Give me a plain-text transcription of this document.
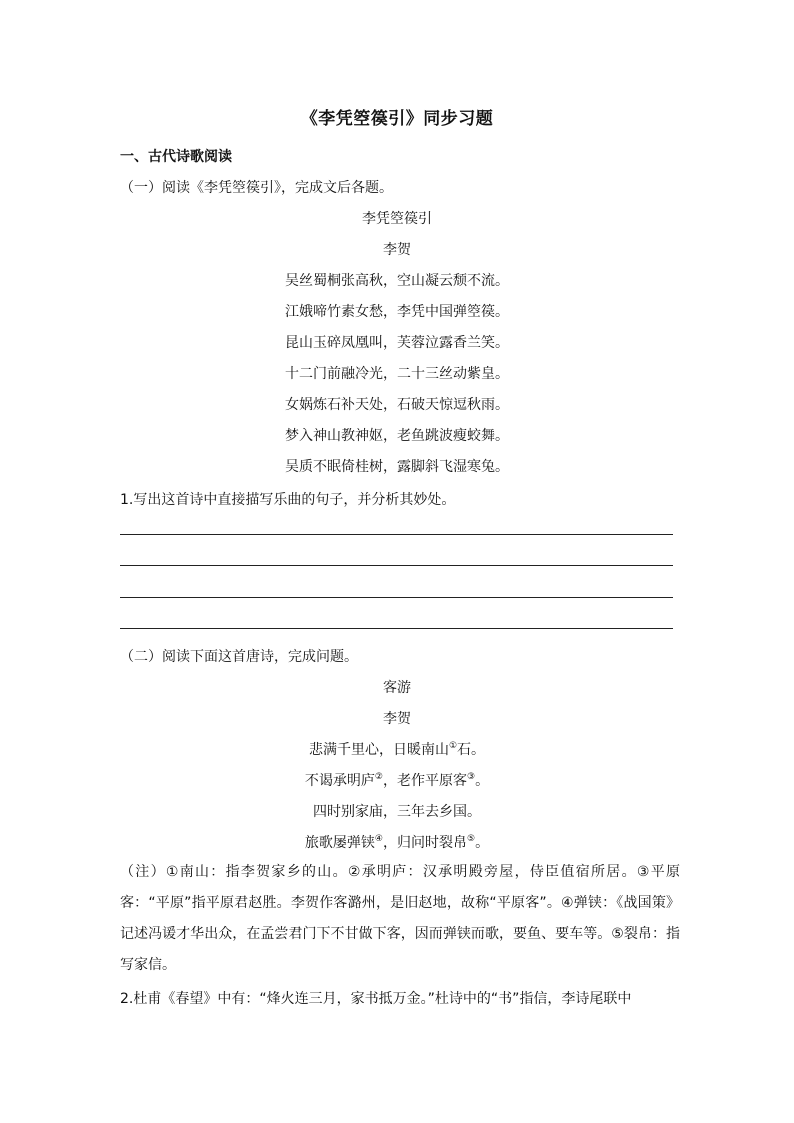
《李凭箜篌引》同步习题
一、古代诗歌阅读
（一）阅读《李凭箜篌引》，完成文后各题。
李凭箜篌引
李贺
吴丝蜀桐张高秋，空山凝云颓不流。
江娥啼竹素女愁，李凭中国弹箜篌。
昆山玉碎凤凰叫，芙蓉泣露香兰笑。
十二门前融冷光，二十三丝动紫皇。
女娲炼石补天处，石破天惊逗秋雨。
梦入神山教神妪，老鱼跳波瘦蛟舞。
吴质不眠倚桂树，露脚斜飞湿寒兔。
1.写出这首诗中直接描写乐曲的句子，并分析其妙处。
（二）阅读下面这首唐诗，完成问题。
客游
李贺
悲满千里心，日暖南山①石。
不谒承明庐②，老作平原客③。
四时别家庙，三年去乡国。
旅歌屡弹铗④，归问时裂帛⑤。
（注）①南山：指李贺家乡的山。②承明庐：汉承明殿旁屋，侍臣值宿所居。③平原客：“平原”指平原君赵胜。李贺作客潞州，是旧赵地，故称“平原客”。④弹铗：《战国策》记述冯谖才华出众，在孟尝君门下不甘做下客，因而弹铗而歌，要鱼、要车等。⑤裂帛：指写家信。
2.杜甫《春望》中有：“烽火连三月，家书抵万金。”杜诗中的“书”指信，李诗尾联中
